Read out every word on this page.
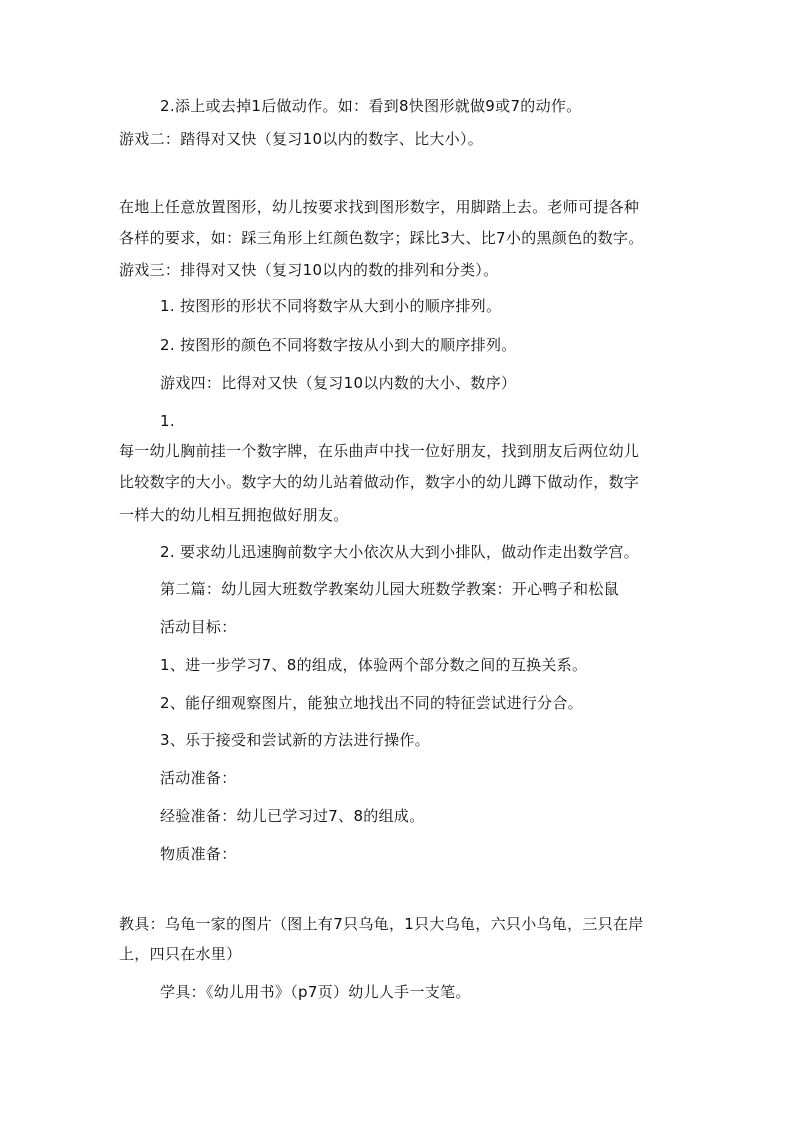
2.添上或去掉1后做动作。如：看到8快图形就做9或7的动作。
游戏二：踏得对又快（复习10以内的数字、比大小）。
在地上任意放置图形，幼儿按要求找到图形数字，用脚踏上去。老师可提各种
各样的要求，如：踩三角形上红颜色数字；踩比3大、比7小的黑颜色的数字。
游戏三：排得对又快（复习10以内的数的排列和分类）。
1. 按图形的形状不同将数字从大到小的顺序排列。
2. 按图形的颜色不同将数字按从小到大的顺序排列。
游戏四：比得对又快（复习10以内数的大小、数序）
1.
每一幼儿胸前挂一个数字牌，在乐曲声中找一位好朋友，找到朋友后两位幼儿
比较数字的大小。数字大的幼儿站着做动作，数字小的幼儿蹲下做动作，数字
一样大的幼儿相互拥抱做好朋友。
2. 要求幼儿迅速胸前数字大小依次从大到小排队，做动作走出数学宫。
第二篇：幼儿园大班数学教案幼儿园大班数学教案：开心鸭子和松鼠
活动目标：
1、进一步学习7、8的组成，体验两个部分数之间的互换关系。
2、能仔细观察图片，能独立地找出不同的特征尝试进行分合。
3、乐于接受和尝试新的方法进行操作。
活动准备：
经验准备：幼儿已学习过7、8的组成。
物质准备：
教具：乌龟一家的图片（图上有7只乌龟，1只大乌龟，六只小乌龟，三只在岸
上，四只在水里）
学具：《幼儿用书》（p7页）幼儿人手一支笔。
